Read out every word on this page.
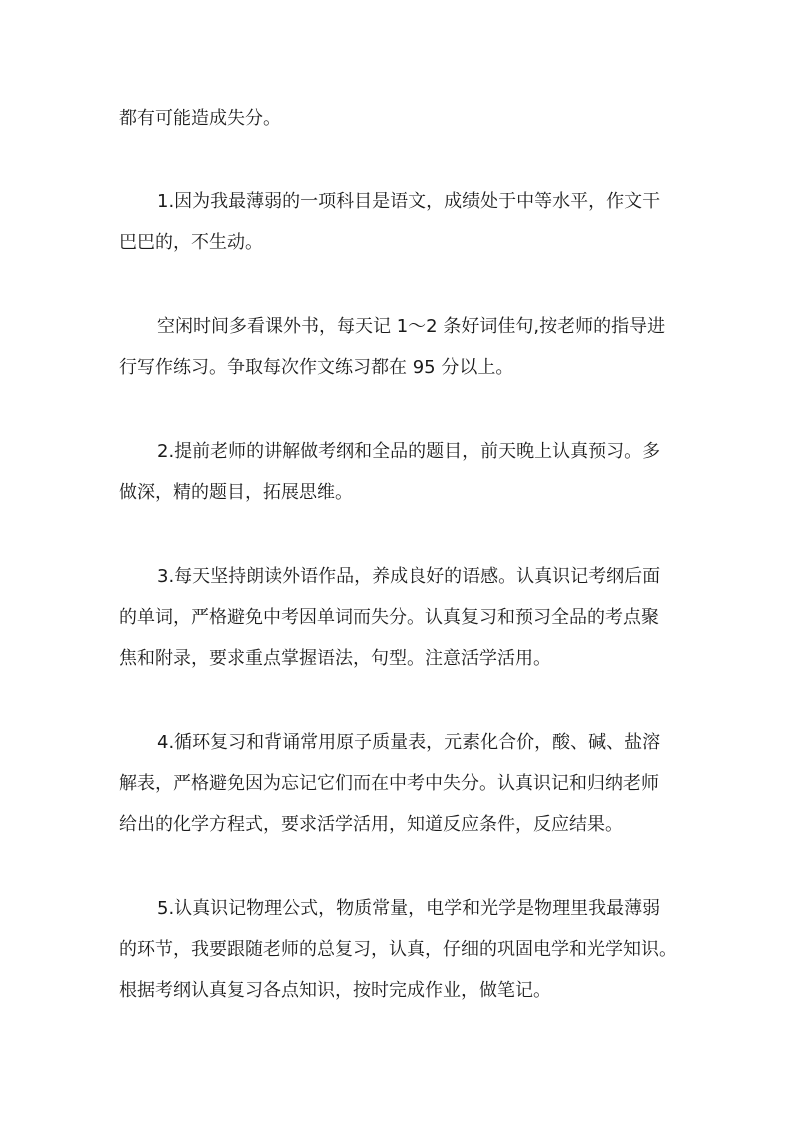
都有可能造成失分。

1.因为我最薄弱的一项科目是语文，成绩处于中等水平，作文干

巴巴的，不生动。

空闲时间多看课外书，每天记 1～2 条好词佳句,按老师的指导进

行写作练习。争取每次作文练习都在 95 分以上。

2.提前老师的讲解做考纲和全品的题目，前天晚上认真预习。多

做深，精的题目，拓展思维。

3.每天坚持朗读外语作品，养成良好的语感。认真识记考纲后面

的单词，严格避免中考因单词而失分。认真复习和预习全品的考点聚

焦和附录，要求重点掌握语法，句型。注意活学活用。

4.循环复习和背诵常用原子质量表，元素化合价，酸、碱、盐溶

解表，严格避免因为忘记它们而在中考中失分。认真识记和归纳老师

给出的化学方程式，要求活学活用，知道反应条件，反应结果。

5.认真识记物理公式，物质常量，电学和光学是物理里我最薄弱

的环节，我要跟随老师的总复习，认真，仔细的巩固电学和光学知识。

根据考纲认真复习各点知识，按时完成作业，做笔记。
